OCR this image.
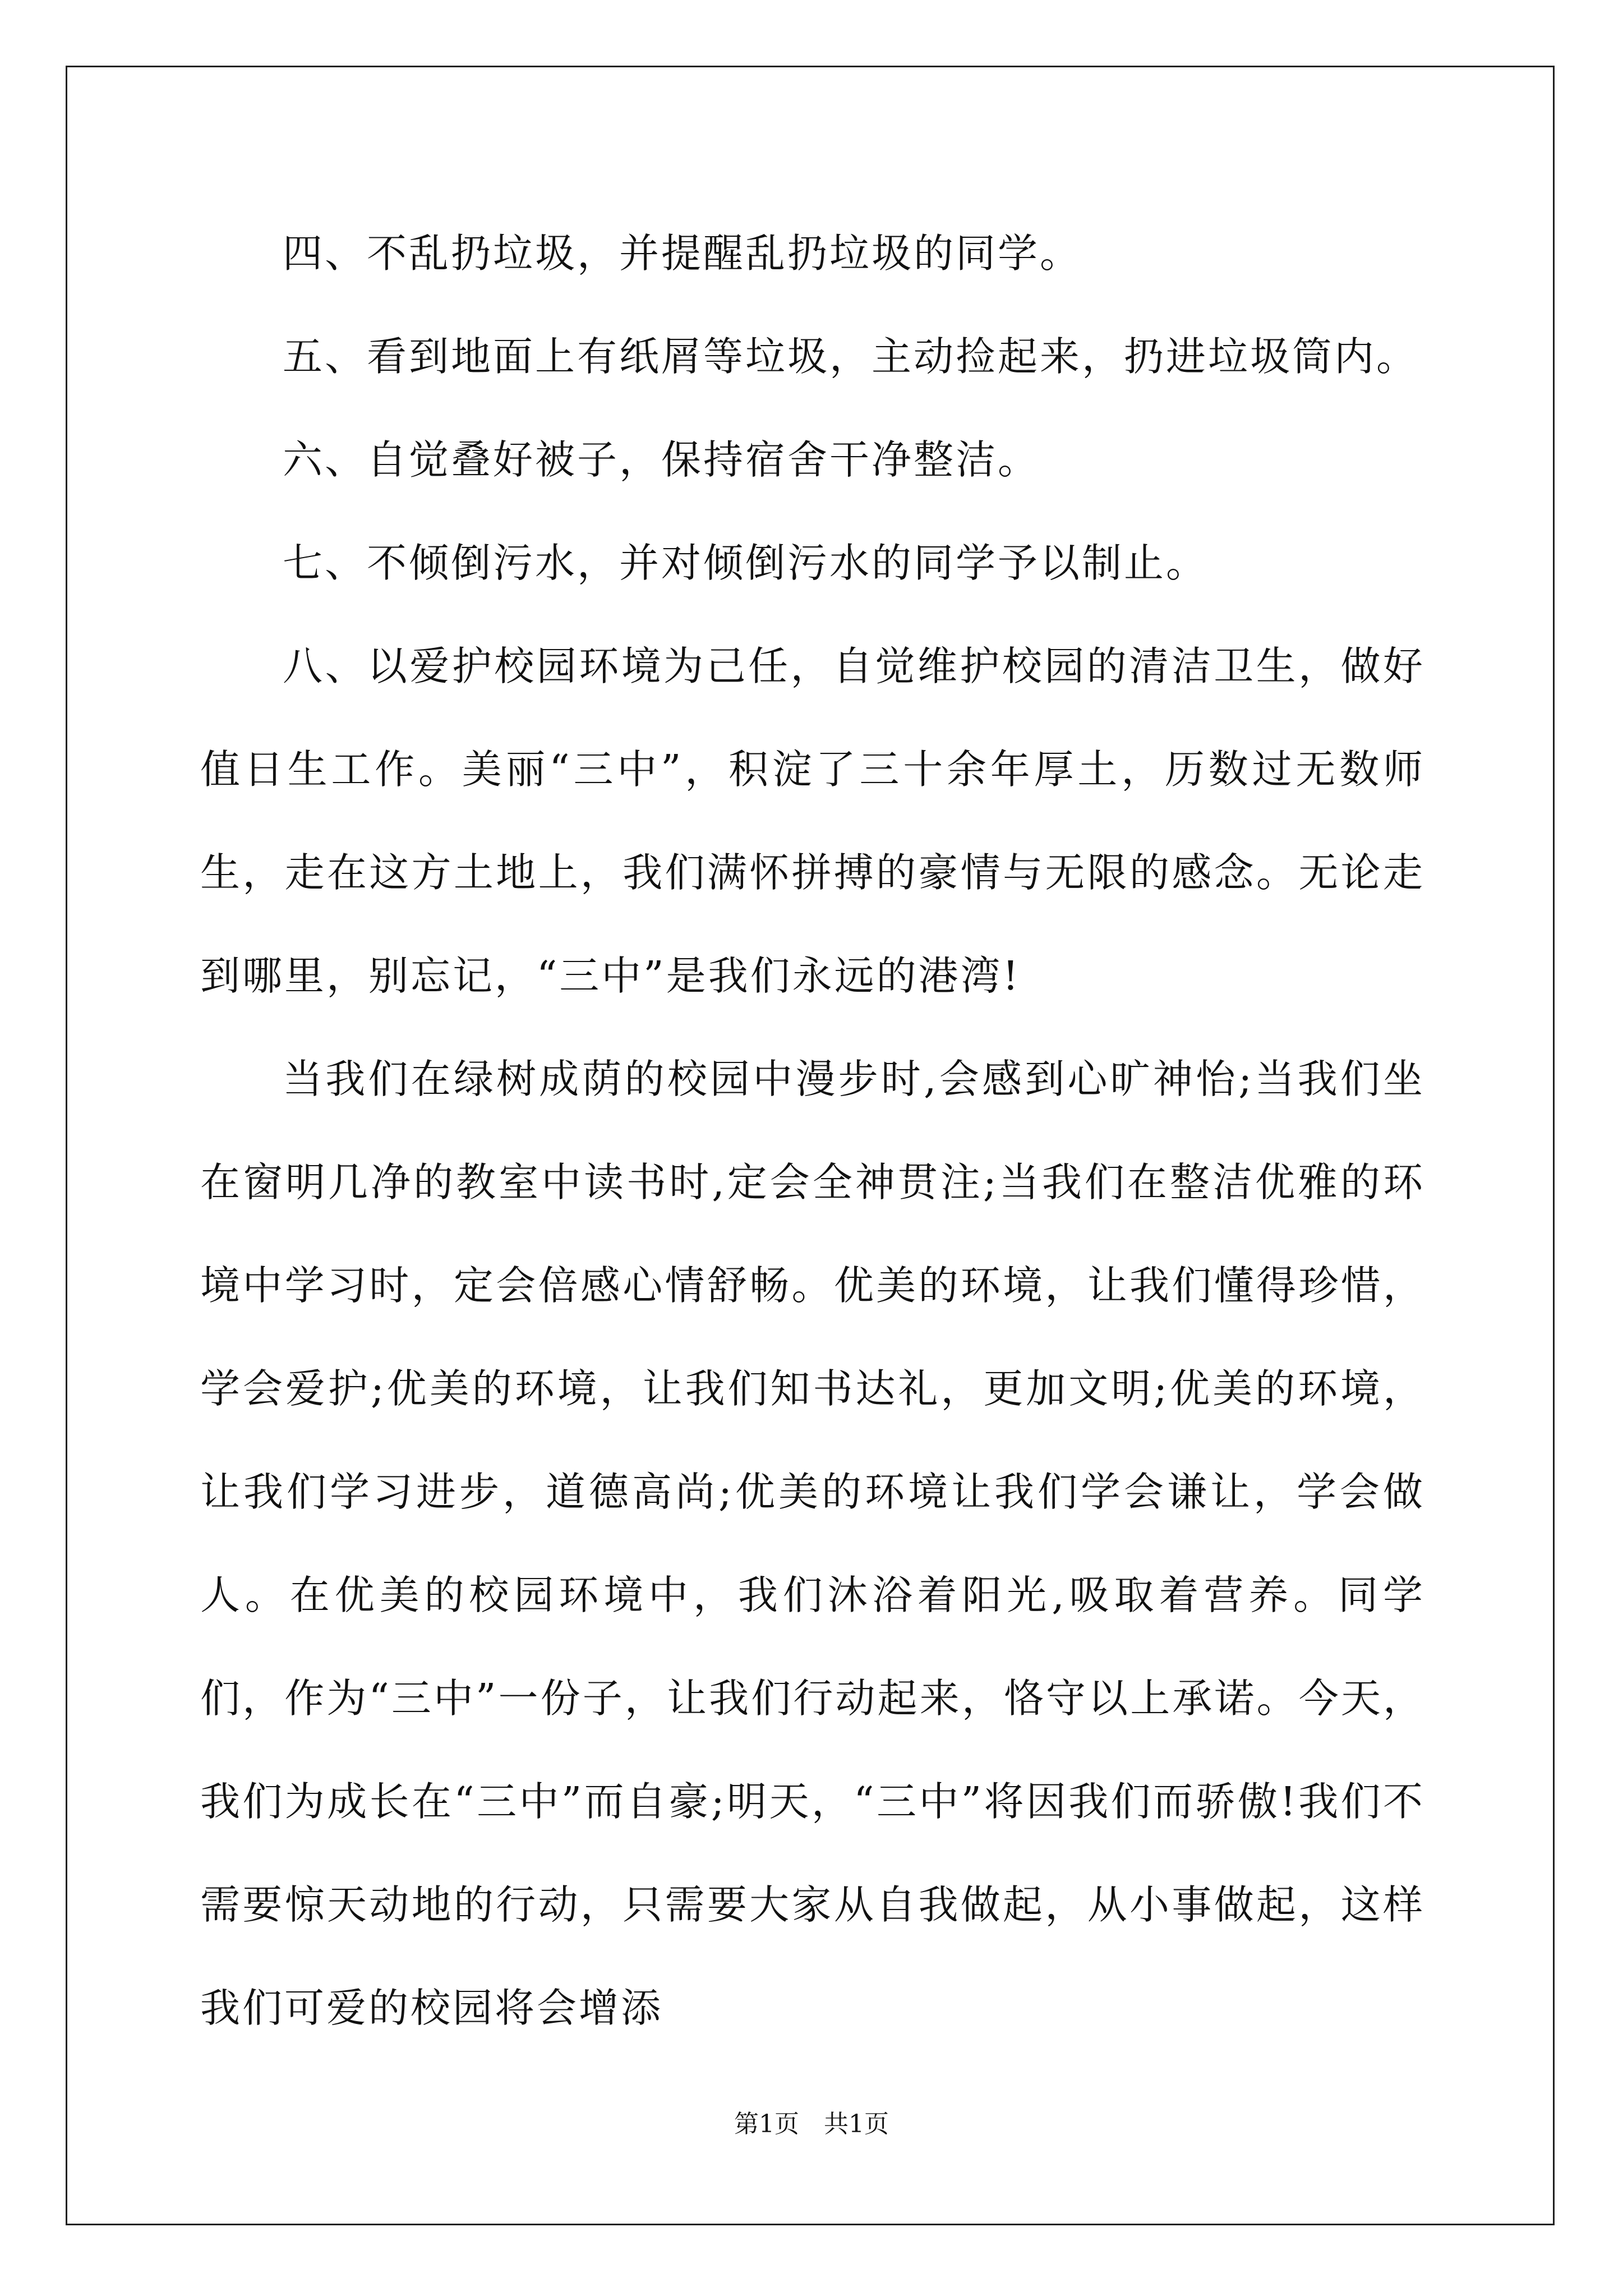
四、不乱扔垃圾，并提醒乱扔垃圾的同学。

五、看到地面上有纸屑等垃圾，主动捡起来，扔进垃圾筒内。

六、自觉叠好被子，保持宿舍干净整洁。

七、不倾倒污水，并对倾倒污水的同学予以制止。

八、以爱护校园环境为己任，自觉维护校园的清洁卫生，做好值日生工作。美丽“三中”，积淀了三十余年厚土，历数过无数师生，走在这方土地上，我们满怀拼搏的豪情与无限的感念。无论走到哪里，别忘记，“三中”是我们永远的港湾!

当我们在绿树成荫的校园中漫步时,会感到心旷神怡;当我们坐在窗明几净的教室中读书时,定会全神贯注;当我们在整洁优雅的环境中学习时，定会倍感心情舒畅。优美的环境，让我们懂得珍惜，学会爱护;优美的环境，让我们知书达礼，更加文明;优美的环境，让我们学习进步，道德高尚;优美的环境让我们学会谦让，学会做人。在优美的校园环境中，我们沐浴着阳光,吸取着营养。同学们，作为“三中”一份子，让我们行动起来，恪守以上承诺。今天，我们为成长在“三中”而自豪;明天，“三中”将因我们而骄傲!我们不需要惊天动地的行动，只需要大家从自我做起，从小事做起，这样我们可爱的校园将会增添

第1页　共1页
